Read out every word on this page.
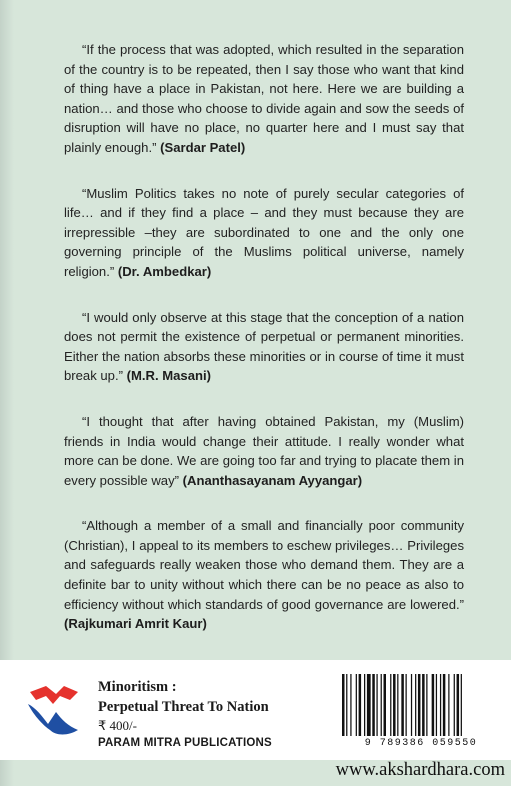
“If the process that was adopted, which resulted in the separation of the country is to be repeated, then I say those who want that kind of thing have a place in Pakistan, not here. Here we are building a nation… and those who choose to divide again and sow the seeds of disruption will have no place, no quarter here and I must say that plainly enough.” (Sardar Patel)

“Muslim Politics takes no note of purely secular categories of life… and if they find a place – and they must because they are irrepressible –they are subordinated to one and the only one governing principle of the Muslims political universe, namely religion.” (Dr. Ambedkar)

“I would only observe at this stage that the conception of a nation does not permit the existence of perpetual or permanent minorities. Either the nation absorbs these minorities or in course of time it must break up.” (M.R. Masani)

“I thought that after having obtained Pakistan, my (Muslim) friends in India would change their attitude. I really wonder what more can be done. We are going too far and trying to placate them in every possible way” (Ananthasayanam Ayyangar)

“Although a member of a small and financially poor community (Christian), I appeal to its members to eschew privileges… Privileges and safeguards really weaken those who demand them. They are a definite bar to unity without which there can be no peace as also to efficiency without which standards of good governance are lowered.” (Rajkumari Amrit Kaur)

Minoritism :
Perpetual Threat To Nation
₹ 400/-
PARAM MITRA PUBLICATIONS	9 789386 059550
www.akshardhara.com
